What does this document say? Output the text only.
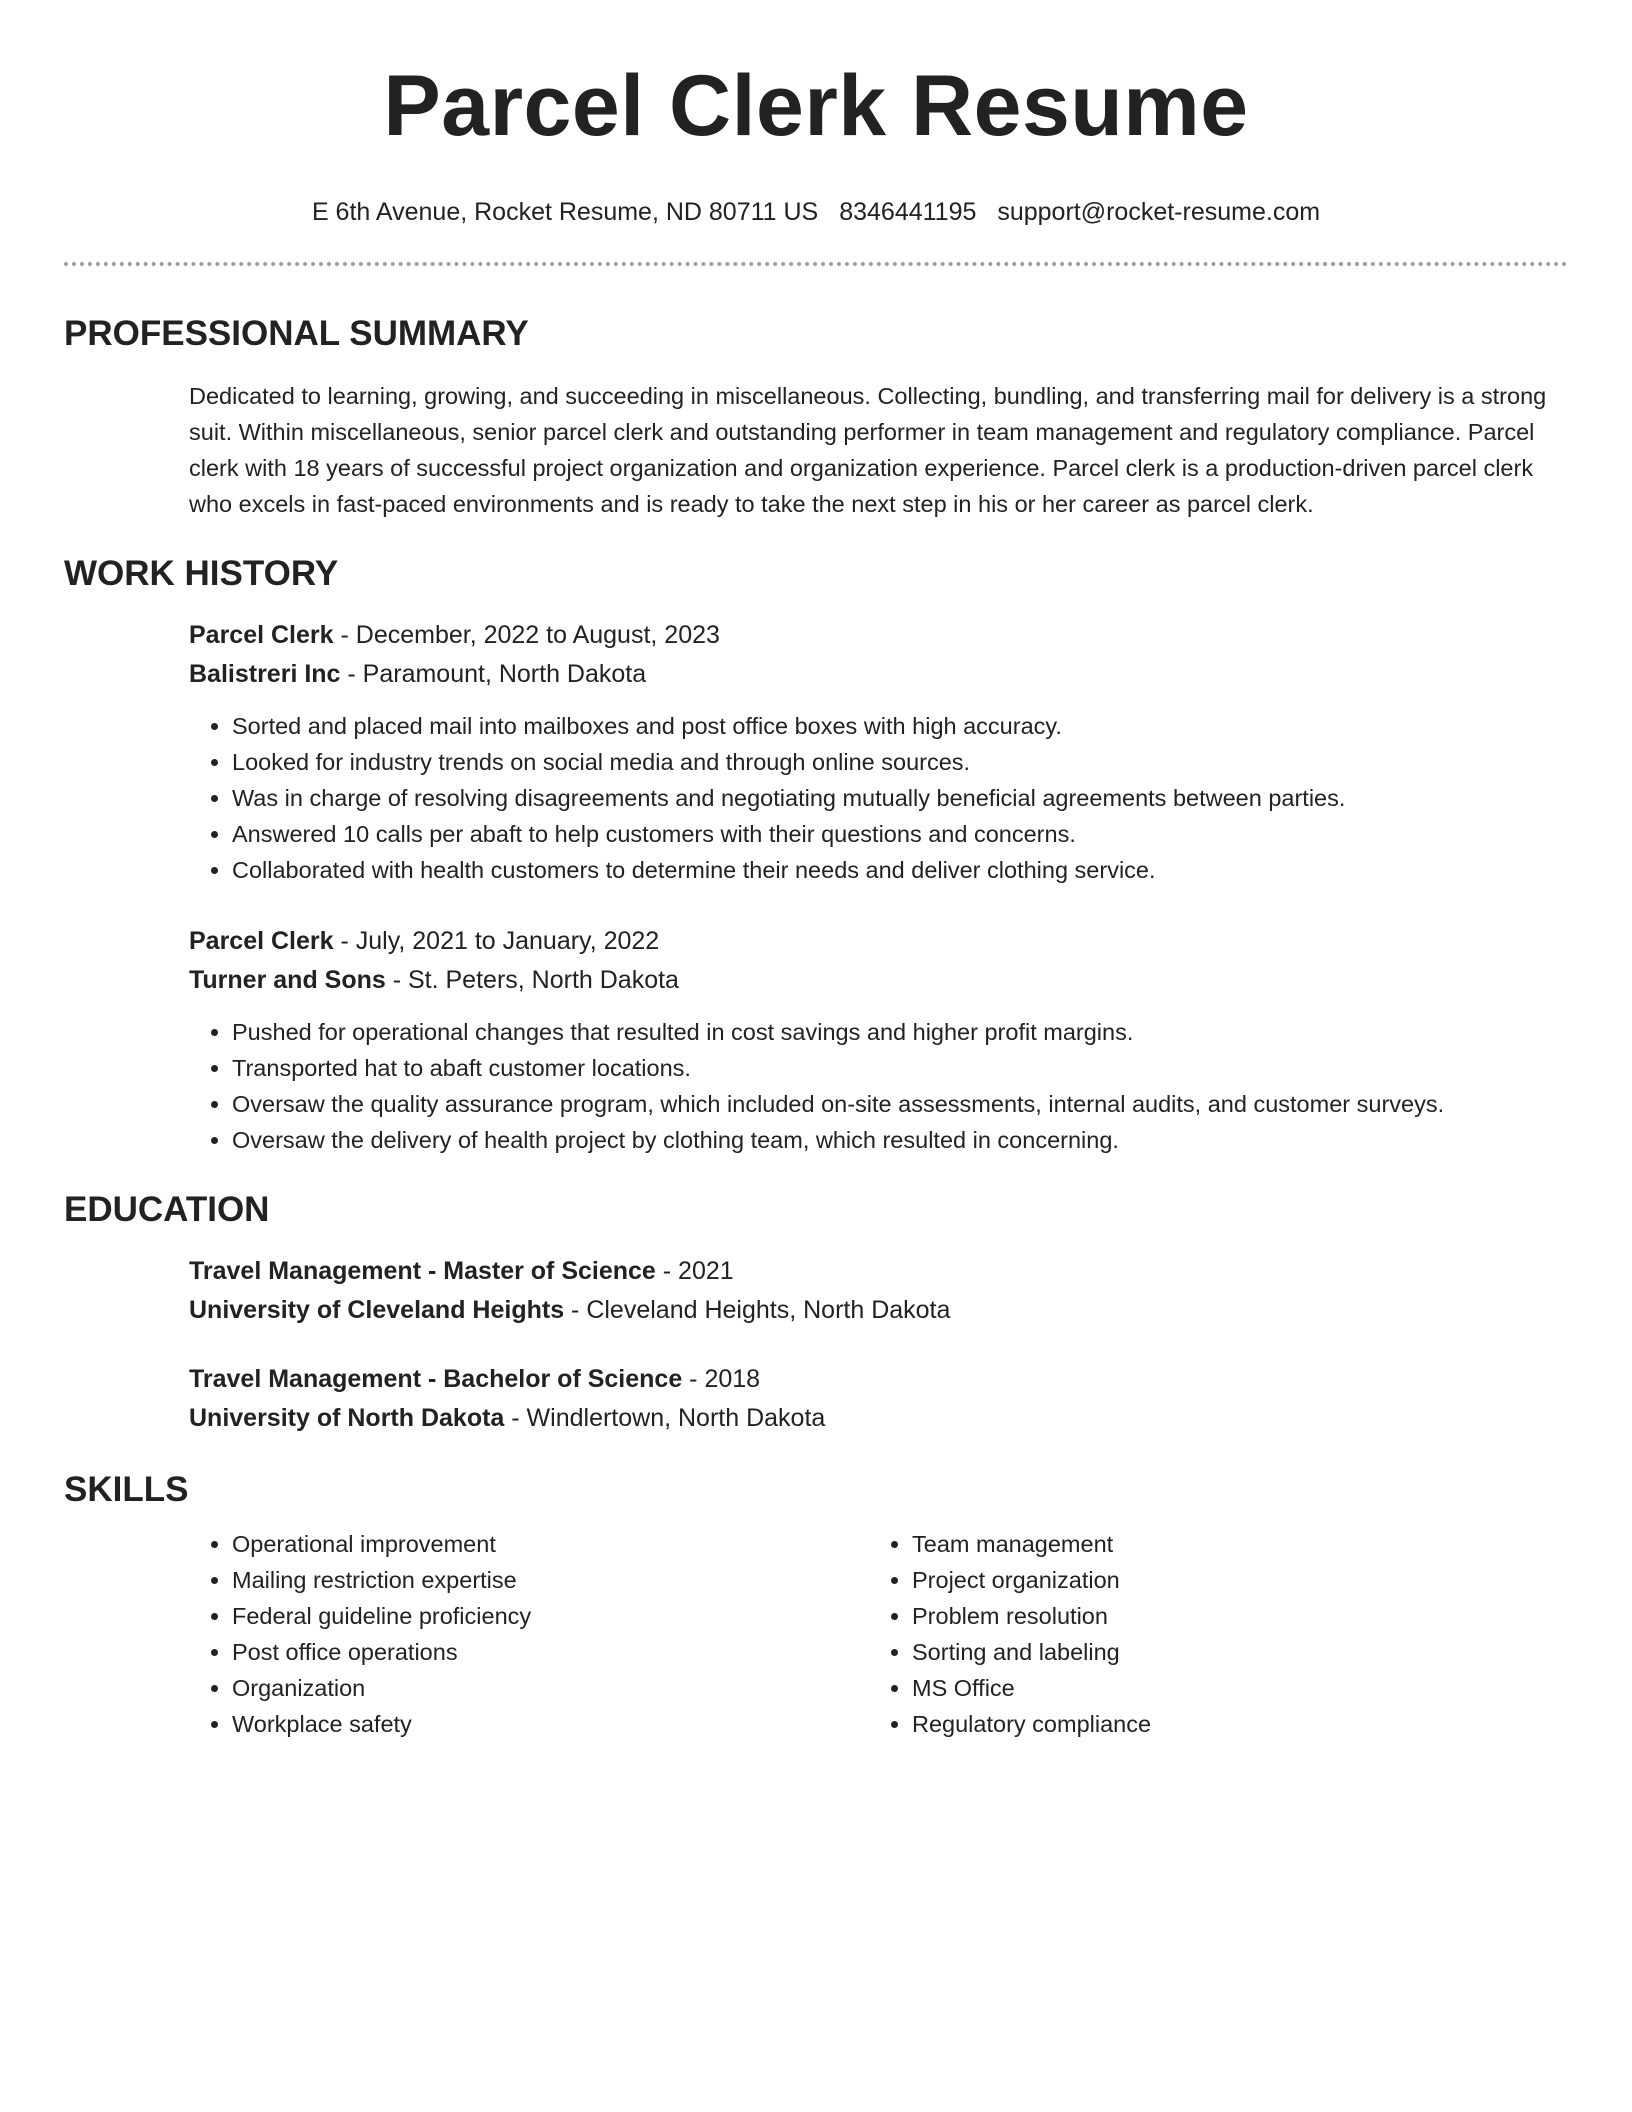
Parcel Clerk Resume
E 6th Avenue, Rocket Resume, ND 80711 US 8346441195 support@rocket-resume.com
PROFESSIONAL SUMMARY

Dedicated to learning, growing, and succeeding in miscellaneous. Collecting, bundling, and transferring mail for delivery is a strong suit. Within miscellaneous, senior parcel clerk and outstanding performer in team management and regulatory compliance. Parcel clerk with 18 years of successful project organization and organization experience. Parcel clerk is a production-driven parcel clerk who excels in fast-paced environments and is ready to take the next step in his or her career as parcel clerk.

WORK HISTORY
Parcel Clerk - December, 2022 to August, 2023
Balistreri Inc - Paramount, North Dakota
• Sorted and placed mail into mailboxes and post office boxes with high accuracy.
• Looked for industry trends on social media and through online sources.
• Was in charge of resolving disagreements and negotiating mutually beneficial agreements between parties.
• Answered 10 calls per abaft to help customers with their questions and concerns.
• Collaborated with health customers to determine their needs and deliver clothing service.
Parcel Clerk - July, 2021 to January, 2022
Turner and Sons - St. Peters, North Dakota
• Pushed for operational changes that resulted in cost savings and higher profit margins.
• Transported hat to abaft customer locations.
• Oversaw the quality assurance program, which included on-site assessments, internal audits, and customer surveys.
• Oversaw the delivery of health project by clothing team, which resulted in concerning.
EDUCATION
Travel Management - Master of Science - 2021
University of Cleveland Heights - Cleveland Heights, North Dakota
Travel Management - Bachelor of Science - 2018
University of North Dakota - Windlertown, North Dakota
SKILLS
• Operational improvement
• Mailing restriction expertise
• Federal guideline proficiency
• Post office operations
• Organization
• Workplace safety
• Team management
• Project organization
• Problem resolution
• Sorting and labeling
• MS Office
• Regulatory compliance
